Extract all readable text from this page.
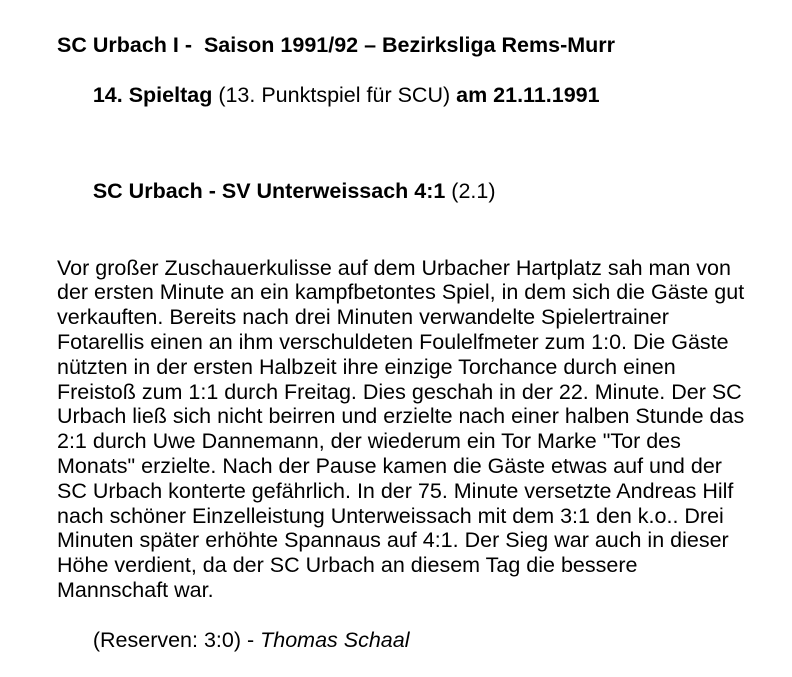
SC Urbach I -  Saison 1991/92 – Bezirksliga Rems-Murr

14. Spieltag (13. Punktspiel für SCU) am 21.11.1991

SC Urbach - SV Unterweissach 4:1 (2.1)

Vor großer Zuschauerkulisse auf dem Urbacher Hartplatz sah man von
der ersten Minute an ein kampfbetontes Spiel, in dem sich die Gäste gut
verkauften. Bereits nach drei Minuten verwandelte Spielertrainer
Fotarellis einen an ihm verschuldeten Foulelfmeter zum 1:0. Die Gäste
nützten in der ersten Halbzeit ihre einzige Torchance durch einen
Freistoß zum 1:1 durch Freitag. Dies geschah in der 22. Minute. Der SC
Urbach ließ sich nicht beirren und erzielte nach einer halben Stunde das
2:1 durch Uwe Dannemann, der wiederum ein Tor Marke "Tor des
Monats" erzielte. Nach der Pause kamen die Gäste etwas auf und der
SC Urbach konterte gefährlich. In der 75. Minute versetzte Andreas Hilf
nach schöner Einzelleistung Unterweissach mit dem 3:1 den k.o.. Drei
Minuten später erhöhte Spannaus auf 4:1. Der Sieg war auch in dieser
Höhe verdient, da der SC Urbach an diesem Tag die bessere
Mannschaft war.

(Reserven: 3:0) - Thomas Schaal
